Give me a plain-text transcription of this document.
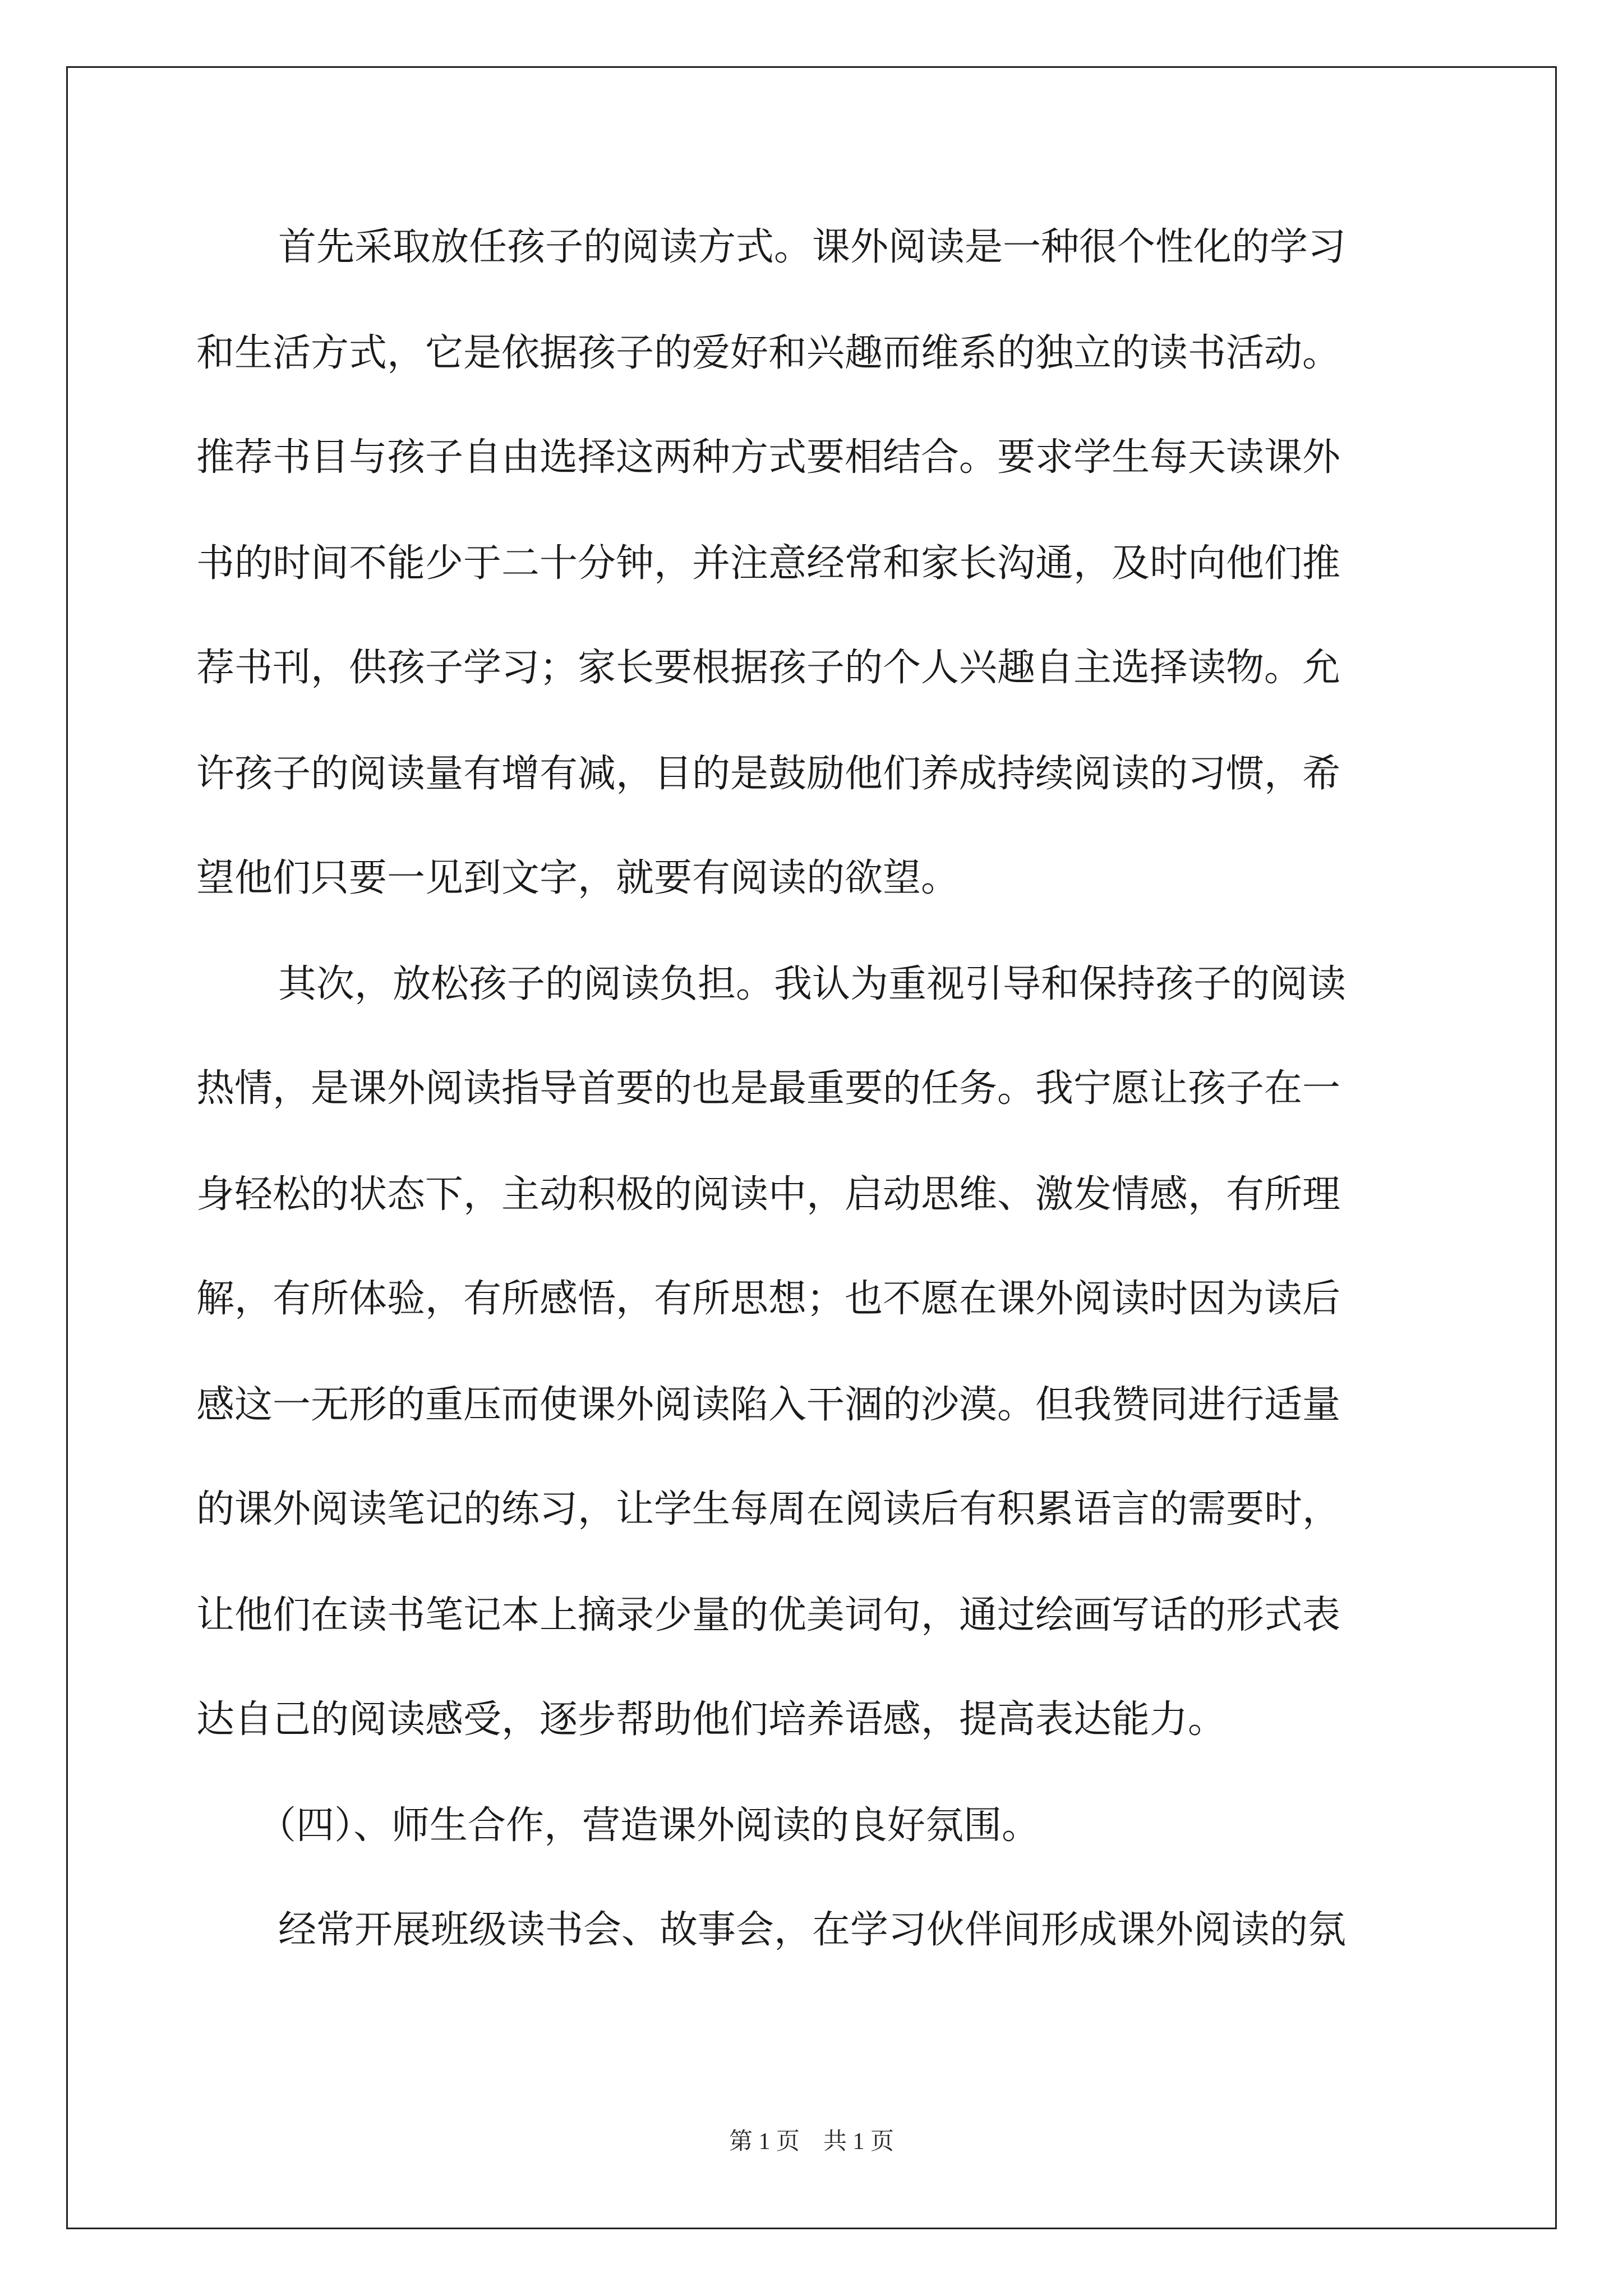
首先采取放任孩子的阅读方式。课外阅读是一种很个性化的学习
和生活方式，它是依据孩子的爱好和兴趣而维系的独立的读书活动。
推荐书目与孩子自由选择这两种方式要相结合。要求学生每天读课外
书的时间不能少于二十分钟，并注意经常和家长沟通，及时向他们推
荐书刊，供孩子学习；家长要根据孩子的个人兴趣自主选择读物。允
许孩子的阅读量有增有减，目的是鼓励他们养成持续阅读的习惯，希
望他们只要一见到文字，就要有阅读的欲望。
其次，放松孩子的阅读负担。我认为重视引导和保持孩子的阅读
热情，是课外阅读指导首要的也是最重要的任务。我宁愿让孩子在一
身轻松的状态下，主动积极的阅读中，启动思维、激发情感，有所理
解，有所体验，有所感悟，有所思想；也不愿在课外阅读时因为读后
感这一无形的重压而使课外阅读陷入干涸的沙漠。但我赞同进行适量
的课外阅读笔记的练习，让学生每周在阅读后有积累语言的需要时，
让他们在读书笔记本上摘录少量的优美词句，通过绘画写话的形式表
达自己的阅读感受，逐步帮助他们培养语感，提高表达能力。
（四）、师生合作，营造课外阅读的良好氛围。
经常开展班级读书会、故事会，在学习伙伴间形成课外阅读的氛
第 1 页　共 1 页
